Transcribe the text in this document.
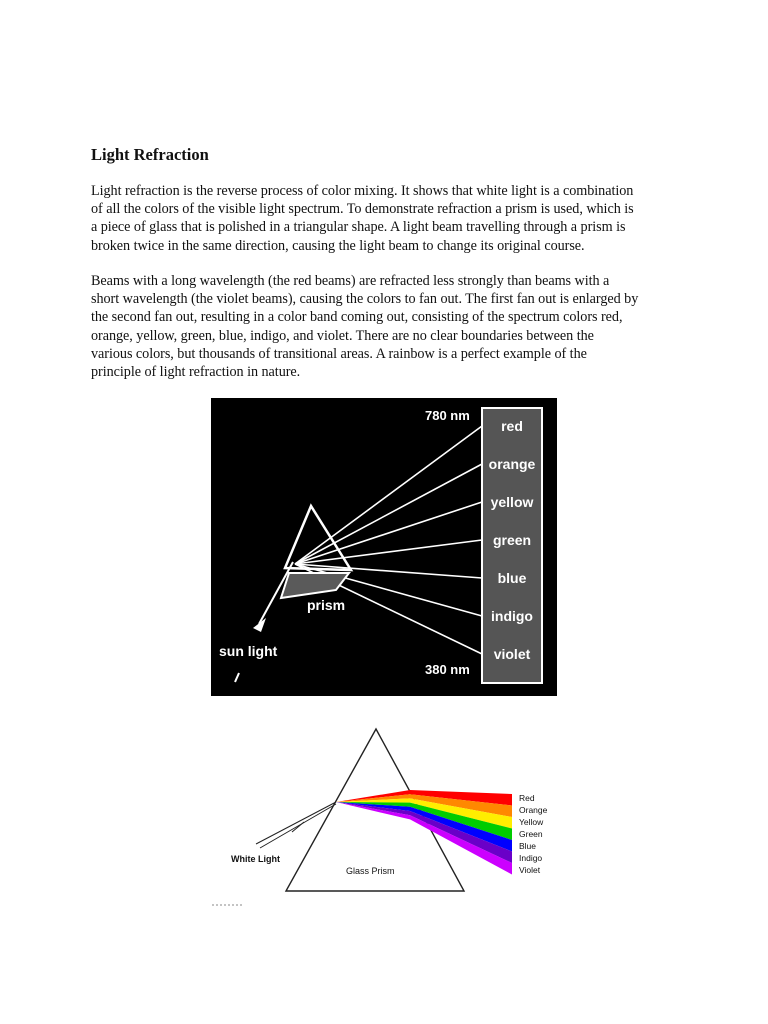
Light Refraction
Light refraction is the reverse process of color mixing. It shows that white light is a combination
of all the colors of the visible light spectrum. To demonstrate refraction a prism is used, which is
a piece of glass that is polished in a triangular shape. A light beam travelling through a prism is
broken twice in the same direction, causing the light beam to change its original course.
Beams with a long wavelength (the red beams) are refracted less strongly than beams with a
short wavelength (the violet beams), causing the colors to fan out. The first fan out is enlarged by
the second fan out, resulting in a color band coming out, consisting of the spectrum colors red,
orange, yellow, green, blue, indigo, and violet. There are no clear boundaries between the
various colors, but thousands of transitional areas. A rainbow is a perfect example of the
principle of light refraction in nature.
red
orange
yellow
green
blue
indigo
violet
780 nm
380 nm
prism
sun light
Red
Orange
Yellow
Green
Blue
Indigo
Violet
White Light
Glass Prism
